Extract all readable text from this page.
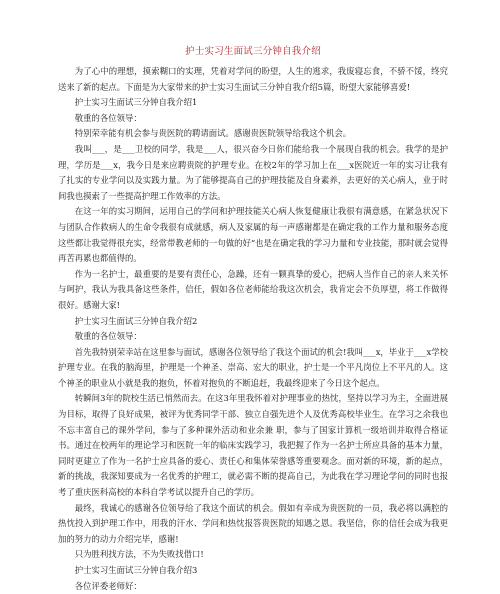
护士实习生面试三分钟自我介绍

为了心中的理想，摸索糊口的实理，凭着对学问的盼望，人生的逃求，我废寝忘食，不骄不馁，终究送来了新的起点。下面是为大家带来的护士实习生面试三分钟自我介绍5篇，盼望大家能够喜爱!

护士实习生面试三分钟自我介绍1

敬重的各位领导：

特别荣幸能有机会参与贵医院的聘请面试。感谢贵医院领导给我这个机会。

我叫___，是___卫校的同学，我是___人，很兴奋今日你们能给我一个展现自我的机会。我学的是护理，学历是___x，我今日是来应聘贵院的护理专业。在校2年的学习加上在___x医院近一年的实习让我有了扎实的专业学问以及实践力量。为了能够提高自己的护理技能及自身素养，去更好的关心病人，业于时间我也摸索了一些提高护理工作效率的方法。

在这一年的实习期间，运用自己的学问和护理技能关心病人恢复健康让我很有满意感，在紧急状况下与团队合作救病人的生命令我很有成就感，病人及家属的每一声感谢都是在确定我的工作力量和服务态度这些都让我觉得很充实，经常带教老师的一句做的好“也是在确定我的学习力量和专业技能，那时就会觉得再苦再累也都值得的。

作为一名护士，最重要的是要有责任心，急躁，还有一颗真挚的爱心，把病人当作自己的亲人来关怀与呵护，我认为我具备这些条件，信任，假如各位老师能给我这次机会，我肯定会不负厚望，将工作做得很好。感谢大家!

护士实习生面试三分钟自我介绍2

敬重的各位领导：

首先我特别荣幸站在这里参与面试，感谢各位领导给了我这个面试的机会!我叫___x，毕业于___x学校护理专业。在我的脑海里，护理是一个神圣、崇高、宏大的职业，护士是一个平凡岗位上不平凡的人。这个神圣的职业从小就是我的抱负，怀着对抱负的不断追赶，我最终迎来了今日这个起点。

转瞬间3年的院校生活已悄然而去。在这3年里我怀着对护理事业的热忱，坚持以学习为主，全面进展为目标，取得了良好成果，被评为优秀同学干部、独立自强先进个人及优秀高校毕业生。在学习之余我也不忘丰富自己的课外学问，参与了多种课外活动和业余兼 职，参与了国家计算机一级培训并取得合格证书。通过在校两年的理论学习和医院一年的临床实践学习，我把握了作为一名护士所应具备的基本力量，同时更建立了作为一名护士应具备的爱心、责任心和集体荣誉感等重要观念。面对新的环境，新的起点，新的挑战，我深知要成为一名优秀的护理工，就必需不断的提高自己，为此我在学习理论学问的同时也报考了重庆医科高校的本科自学考试以提升自己的学历。

最终，我诚心的感谢各位领导给了我这个面试的机会。假如有幸成为贵医院的一员，我必将以满腔的热忱投入到护理工作中，用我的汗水、学问和热忱报答贵医院的知遇之恩。我坚信，你的信任会成为我更加的努力的动力介绍完毕，感谢!

只为胜利找方法，不为失败找借口!

护士实习生面试三分钟自我介绍3

各位评委老师好：
